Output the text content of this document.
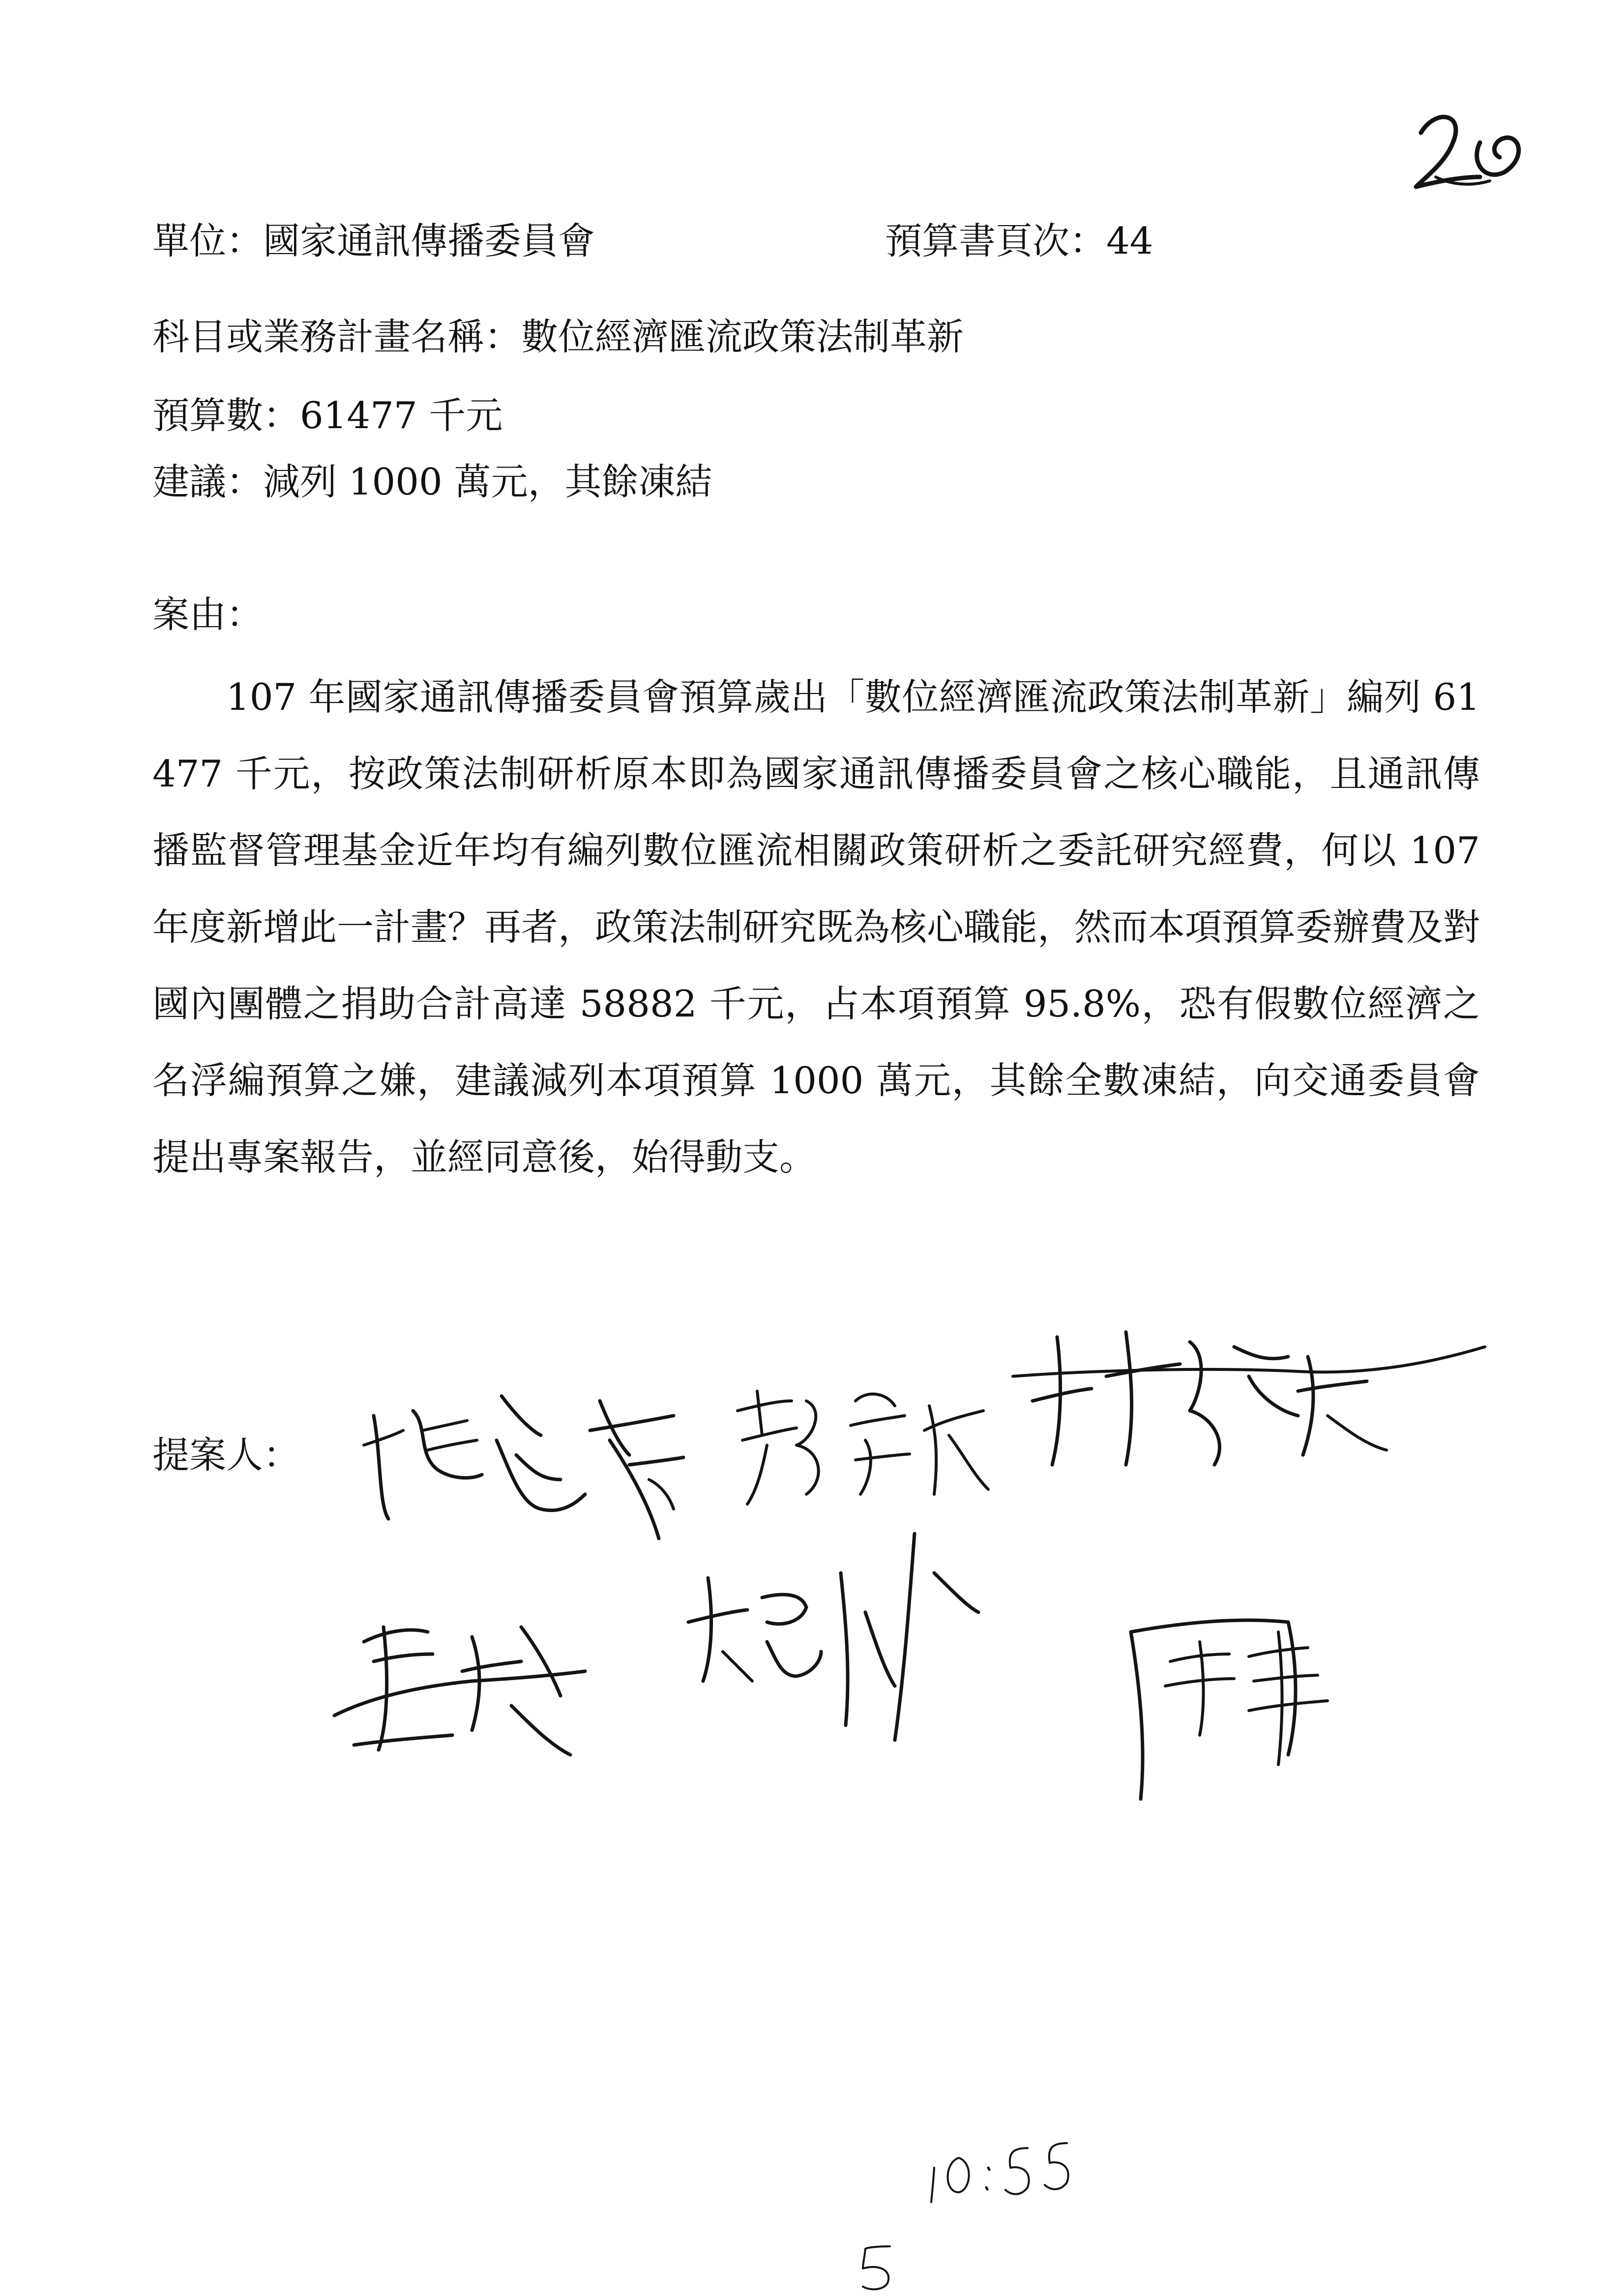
單位：國家通訊傳播委員會	預算書頁次：44
科目或業務計畫名稱：數位經濟匯流政策法制革新
預算數：61477 千元
建議：減列 1000 萬元，其餘凍結
案由：
107 年國家通訊傳播委員會預算歲出「數位經濟匯流政策法制革新」編列 61477 千元，按政策法制研析原本即為國家通訊傳播委員會之核心職能，且通訊傳播監督管理基金近年均有編列數位匯流相關政策研析之委託研究經費，何以 107 年度新增此一計畫？再者，政策法制研究既為核心職能，然而本項預算委辦費及對國內團體之捐助合計高達 58882 千元，占本項預算 95.8%，恐有假數位經濟之名浮編預算之嫌，建議減列本項預算 1000 萬元，其餘全數凍結，向交通委員會提出專案報告，並經同意後，始得動支。
提案人：
